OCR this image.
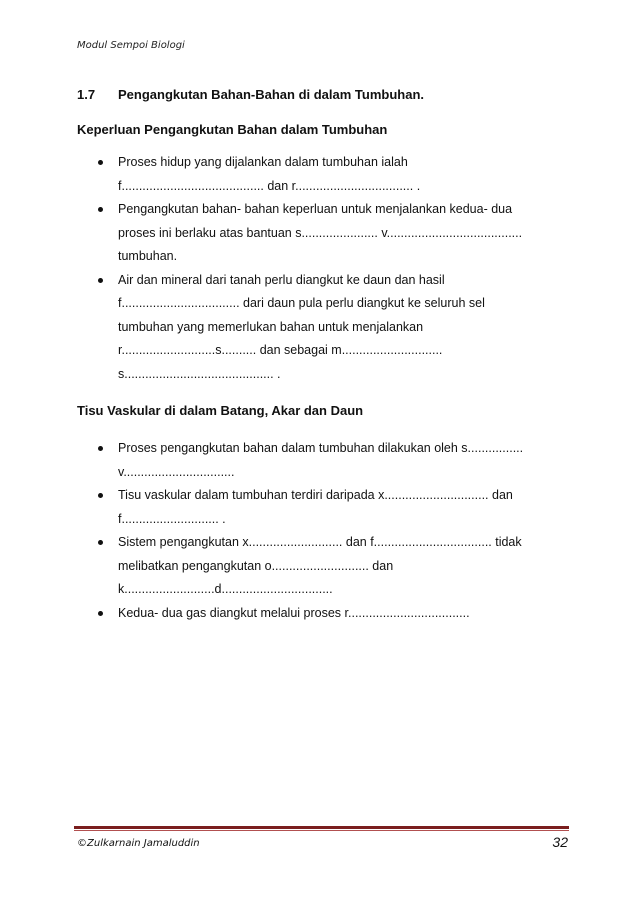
Modul Sempoi Biologi
1.7	Pengangkutan Bahan-Bahan di dalam Tumbuhan.
Keperluan Pengangkutan Bahan dalam Tumbuhan
Proses hidup yang dijalankan dalam tumbuhan ialah
f......................................... dan r.................................. .
Pengangkutan bahan- bahan keperluan untuk menjalankan kedua- dua
proses ini berlaku atas bantuan s...................... v.......................................
tumbuhan.
Air dan mineral dari tanah perlu diangkut ke daun dan hasil
f.................................. dari daun pula perlu diangkut ke seluruh sel
tumbuhan yang memerlukan bahan untuk menjalankan
r...........................s.......... dan sebagai m.............................
s........................................... .
Tisu Vaskular di dalam Batang, Akar dan Daun
Proses pengangkutan bahan dalam tumbuhan dilakukan oleh s................
v................................
Tisu vaskular dalam tumbuhan terdiri daripada x.............................. dan
f............................ .
Sistem pengangkutan x........................... dan f.................................. tidak
melibatkan pengangkutan o............................ dan
k..........................d................................
Kedua- dua gas diangkut melalui proses r...................................
©Zulkarnain Jamaluddin	32
